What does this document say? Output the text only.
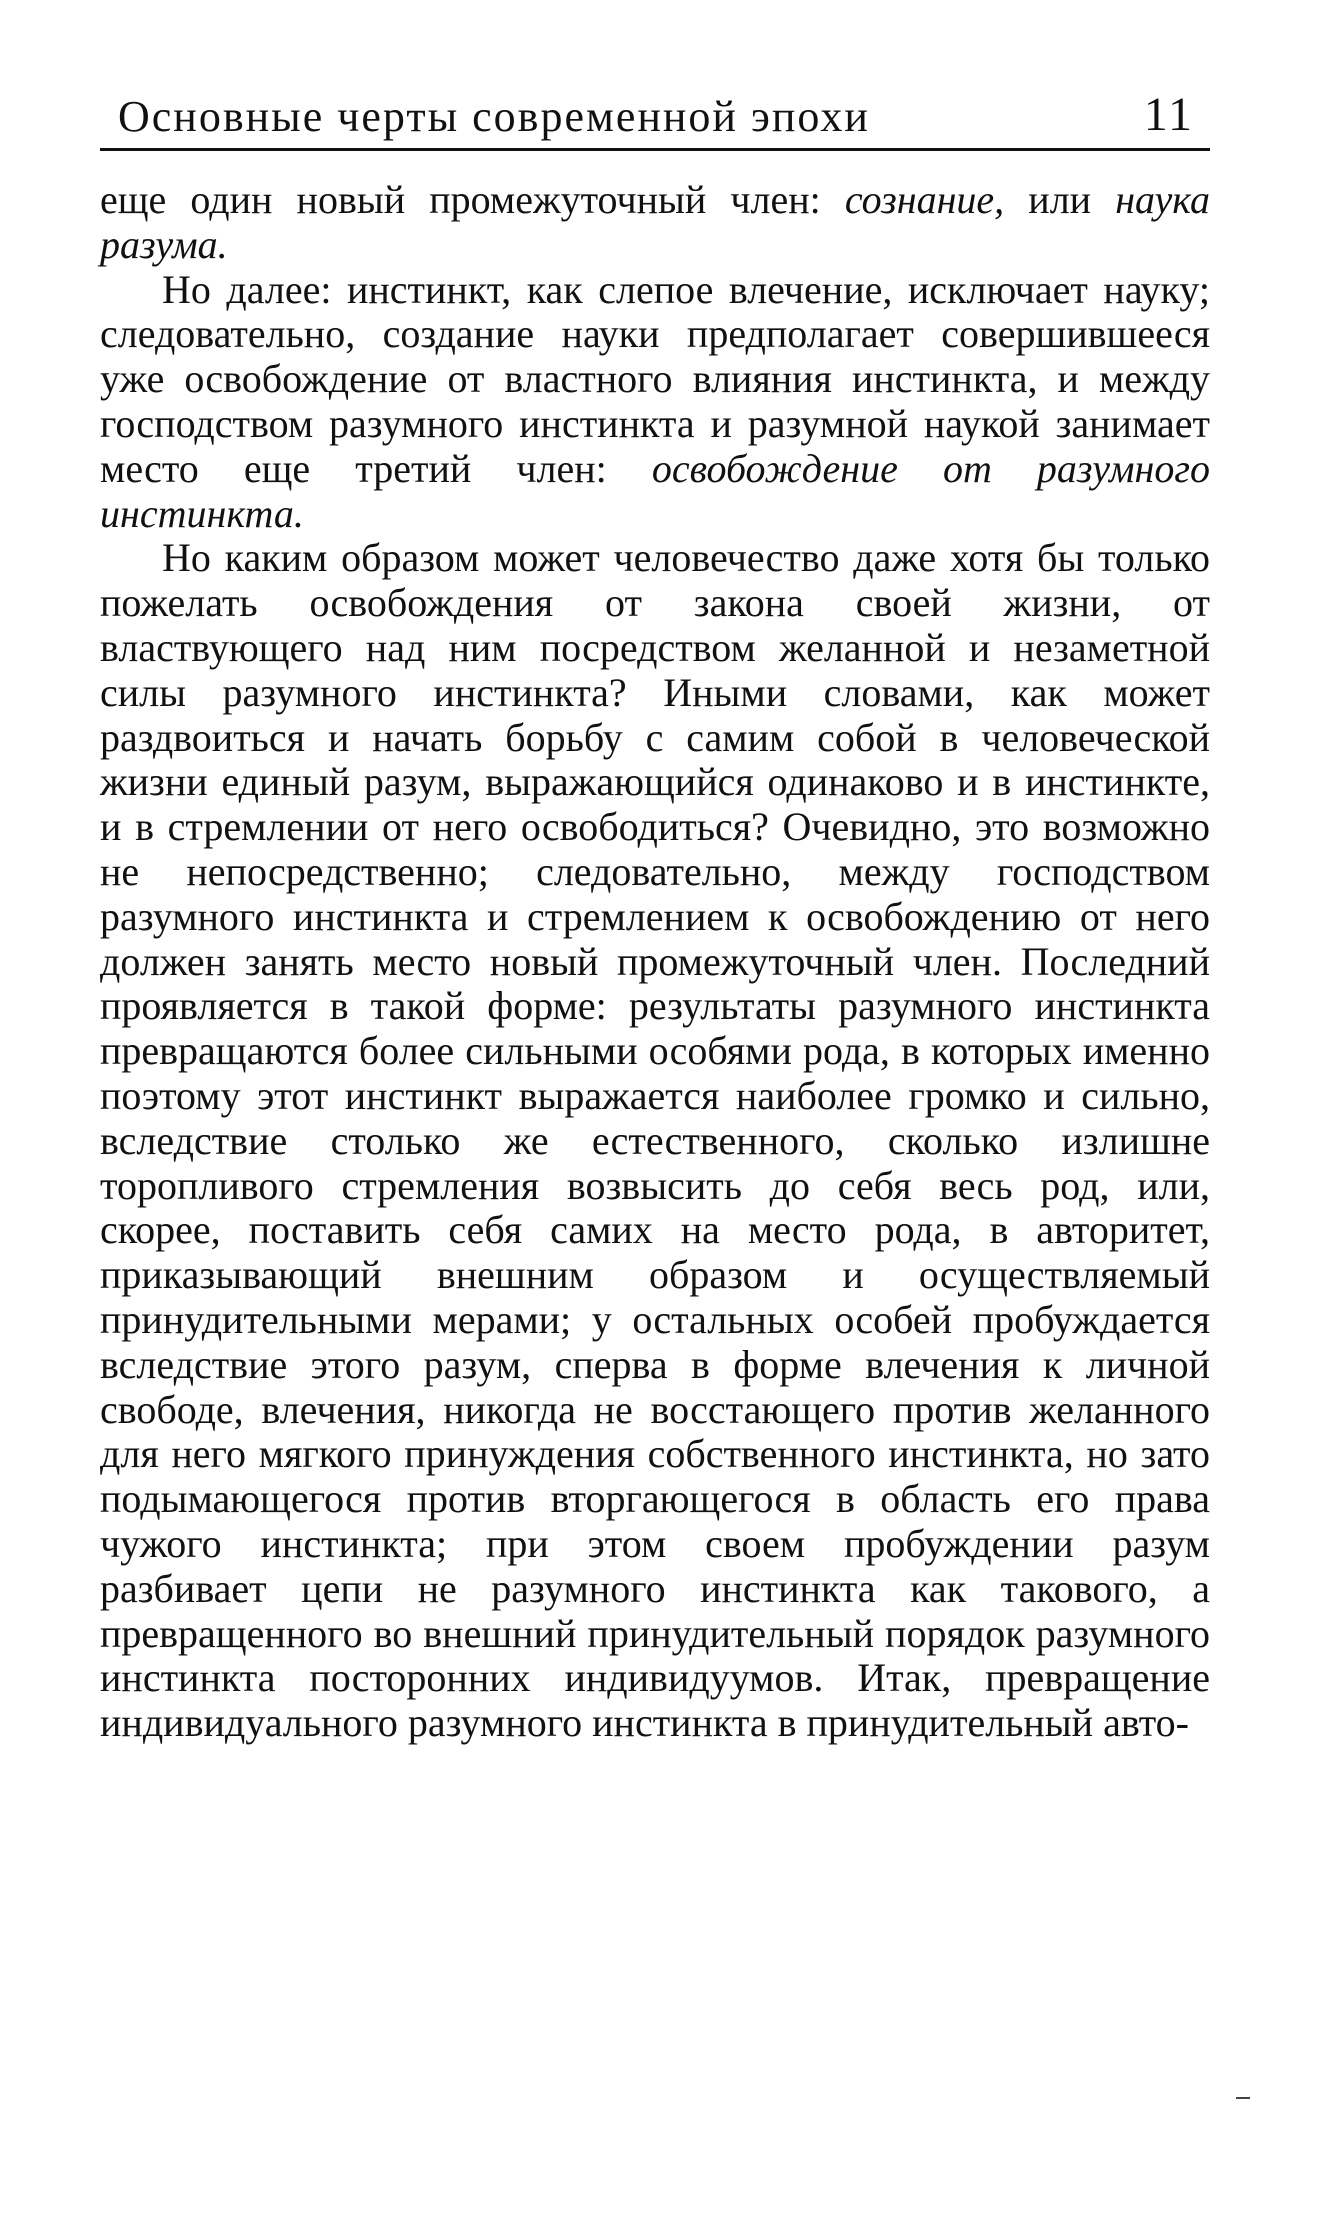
Основные черты современной эпохи	11

еще один новый промежуточный член: сознание, или наука разума.

Но далее: инстинкт, как слепое влечение, исключает науку; следовательно, создание науки предполагает совершившееся уже освобождение от властного влияния инстинкта, и между господством разумного инстинкта и разумной наукой занимает место еще третий член: освобождение от разумного инстинкта.

Но каким образом может человечество даже хотя бы только пожелать освобождения от закона своей жизни, от властвующего над ним посредством желанной и незаметной силы разумного инстинкта? Иными словами, как может раздвоиться и начать борьбу с самим собой в человеческой жизни единый разум, выражающийся одинаково и в инстинкте, и в стремлении от него освободиться? Очевидно, это возможно не непосредственно; следовательно, между господством разумного инстинкта и стремлением к освобождению от него должен занять место новый промежуточный член. Последний проявляется в такой форме: результаты разумного инстинкта превращаются более сильными особями рода, в которых именно поэтому этот инстинкт выражается наиболее громко и сильно, вследствие столько же естественного, сколько излишне торопливого стремления возвысить до себя весь род, или, скорее, поставить себя самих на место рода, в авторитет, приказывающий внешним образом и осуществляемый принудительными мерами; у остальных особей пробуждается вследствие этого разум, сперва в форме влечения к личной свободе, влечения, никогда не восстающего против желанного для него мягкого принуждения собственного инстинкта, но зато подымающегося против вторгающегося в область его права чужого инстинкта; при этом своем пробуждении разум разбивает цепи не разумного инстинкта как такового, а превращенного во внешний принудительный порядок разумного инстинкта посторонних индивидуумов. Итак, превращение индивидуального разумного инстинкта в принудительный авто-
